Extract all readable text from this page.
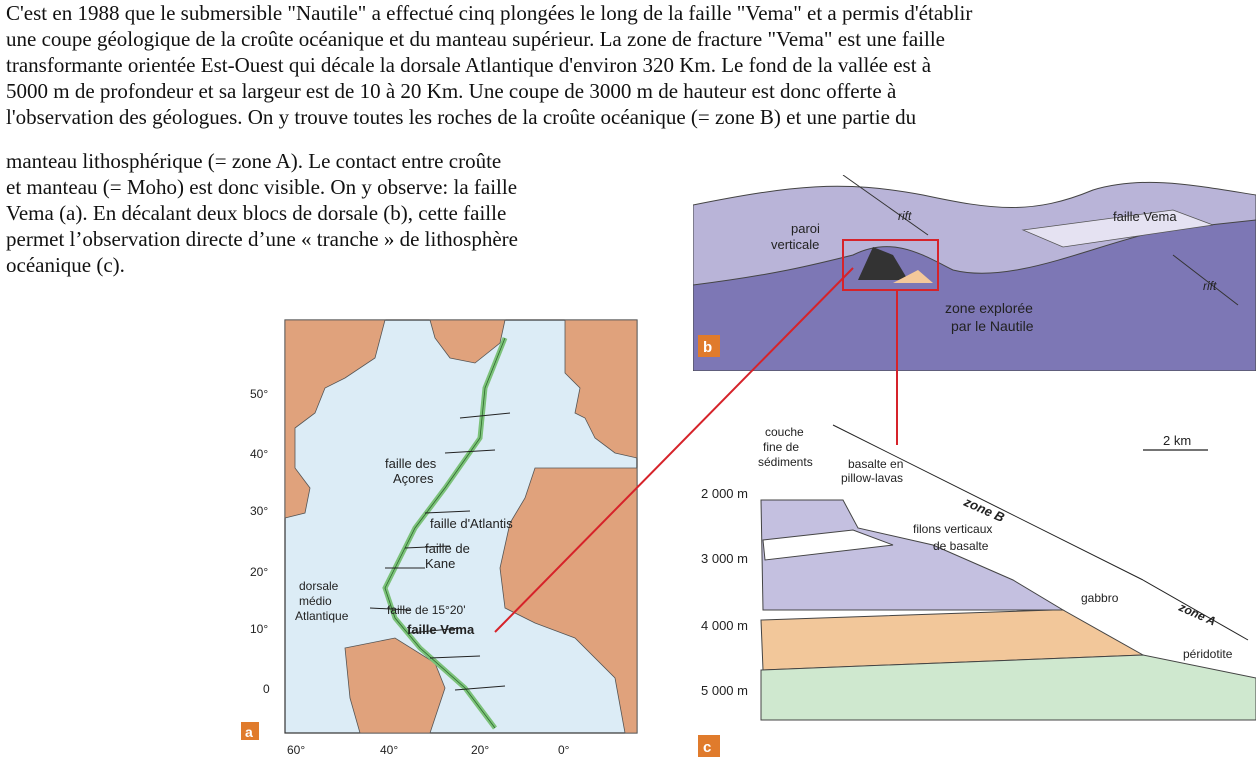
C'est en 1988 que le submersible "Nautile" a effectué cinq plongées le long de la faille "Vema" et a permis d'établir
une coupe géologique de la croûte océanique et du manteau supérieur. La zone de fracture "Vema" est une faille
transformante orientée Est-Ouest qui décale la dorsale Atlantique d'environ 320 Km. Le fond de la vallée est à
5000 m de profondeur et sa largeur est de 10 à 20 Km. Une coupe de 3000 m de hauteur est donc offerte à
l'observation des géologues. On y trouve toutes les roches de la croûte océanique (= zone B) et une partie du
manteau lithosphérique (= zone A). Le contact entre croûte
et manteau (= Moho) est donc visible. On y observe: la faille
Vema (a). En décalant deux blocs de dorsale (b), cette faille
permet l’observation directe d’une « tranche » de lithosphère
océanique (c).
50°
40°
30°
20°
10°
0
60°	40°	20°	0°
faille des Açores
faille d'Atlantis
faille de Kane
dorsale médio Atlantique	faille de 15°20'
faille Vema
a
paroi verticale
rift
rift
faille Vema
zone explorée par le Nautile
b
2 km
2 000 m
3 000 m
4 000 m
5 000 m
couche fine de sédiments	basalte en pillow-lavas
zone B
filons verticaux de basalte
gabbro
zone A
péridotite
c
